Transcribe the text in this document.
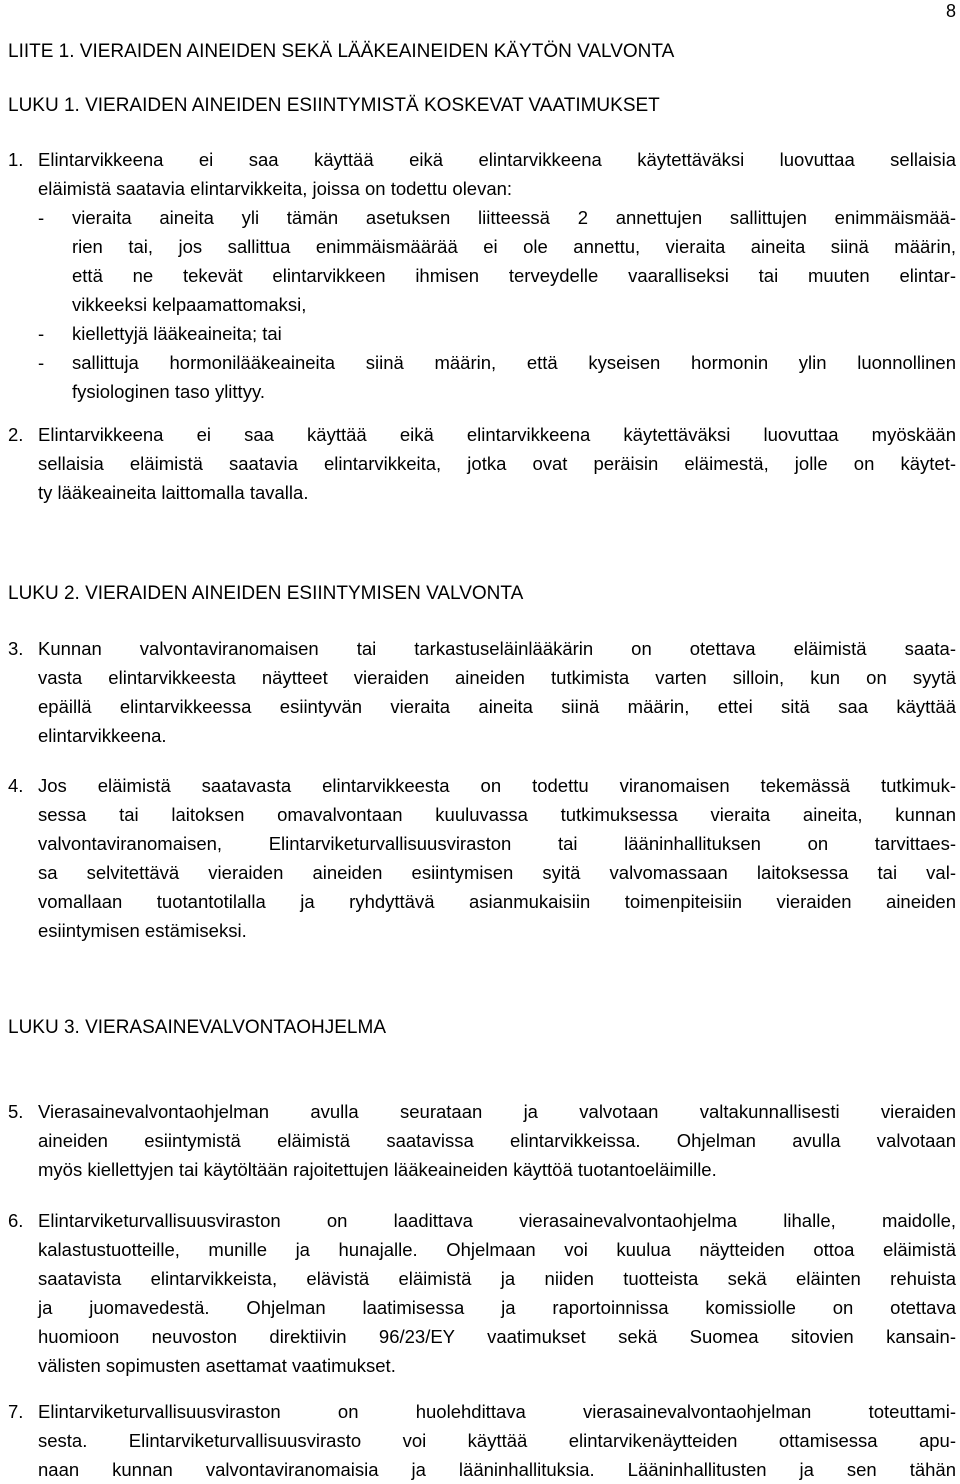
8
LIITE 1. VIERAIDEN AINEIDEN SEKÄ LÄÄKEAINEIDEN KÄYTÖN VALVONTA
LUKU 1. VIERAIDEN AINEIDEN ESIINTYMISTÄ KOSKEVAT VAATIMUKSET
1. Elintarvikkeena ei saa käyttää eikä elintarvikkeena käytettäväksi luovuttaa sellaisia
eläimistä saatavia elintarvikkeita, joissa on todettu olevan:
- vieraita aineita yli tämän asetuksen liitteessä 2 annettujen sallittujen enimmäismää-
rien tai, jos sallittua enimmäismäärää ei ole annettu, vieraita aineita siinä määrin,
että ne tekevät elintarvikkeen ihmisen terveydelle vaaralliseksi tai muuten elintar-
vikkeeksi kelpaamattomaksi,
- kiellettyjä lääkeaineita; tai
- sallittuja hormonilääkeaineita siinä määrin, että kyseisen hormonin ylin luonnollinen
fysiologinen taso ylittyy.
2. Elintarvikkeena ei saa käyttää eikä elintarvikkeena käytettäväksi luovuttaa myöskään
sellaisia eläimistä saatavia elintarvikkeita, jotka ovat peräisin eläimestä, jolle on käytet-
ty lääkeaineita laittomalla tavalla.
LUKU 2. VIERAIDEN AINEIDEN ESIINTYMISEN VALVONTA
3. Kunnan valvontaviranomaisen tai tarkastuseläinlääkärin on otettava eläimistä saata-
vasta elintarvikkeesta näytteet vieraiden aineiden tutkimista varten silloin, kun on syytä
epäillä elintarvikkeessa esiintyvän vieraita aineita siinä määrin, ettei sitä saa käyttää
elintarvikkeena.
4. Jos eläimistä saatavasta elintarvikkeesta on todettu viranomaisen tekemässä tutkimuk-
sessa tai laitoksen omavalvontaan kuuluvassa tutkimuksessa vieraita aineita, kunnan
valvontaviranomaisen, Elintarviketurvallisuusviraston tai lääninhallituksen on tarvittaes-
sa selvitettävä vieraiden aineiden esiintymisen syitä valvomassaan laitoksessa tai val-
vomallaan tuotantotilalla ja ryhdyttävä asianmukaisiin toimenpiteisiin vieraiden aineiden
esiintymisen estämiseksi.
LUKU 3. VIERASAINEVALVONTAOHJELMA
5. Vierasainevalvontaohjelman avulla seurataan ja valvotaan valtakunnallisesti vieraiden
aineiden esiintymistä eläimistä saatavissa elintarvikkeissa. Ohjelman avulla valvotaan
myös kiellettyjen tai käytöltään rajoitettujen lääkeaineiden käyttöä tuotantoeläimille.
6. Elintarviketurvallisuusviraston on laadittava vierasainevalvontaohjelma lihalle, maidolle,
kalastustuotteille, munille ja hunajalle. Ohjelmaan voi kuulua näytteiden ottoa eläimistä
saatavista elintarvikkeista, elävistä eläimistä ja niiden tuotteista sekä eläinten rehuista
ja juomavedestä. Ohjelman laatimisessa ja raportoinnissa komissiolle on otettava
huomioon neuvoston direktiivin 96/23/EY vaatimukset sekä Suomea sitovien kansain-
välisten sopimusten asettamat vaatimukset.
7. Elintarviketurvallisuusviraston on huolehdittava vierasainevalvontaohjelman toteuttami-
sesta. Elintarviketurvallisuusvirasto voi käyttää elintarvikenäytteiden ottamisessa apu-
naan kunnan valvontaviranomaisia ja lääninhallituksia. Lääninhallitusten ja sen tähän
